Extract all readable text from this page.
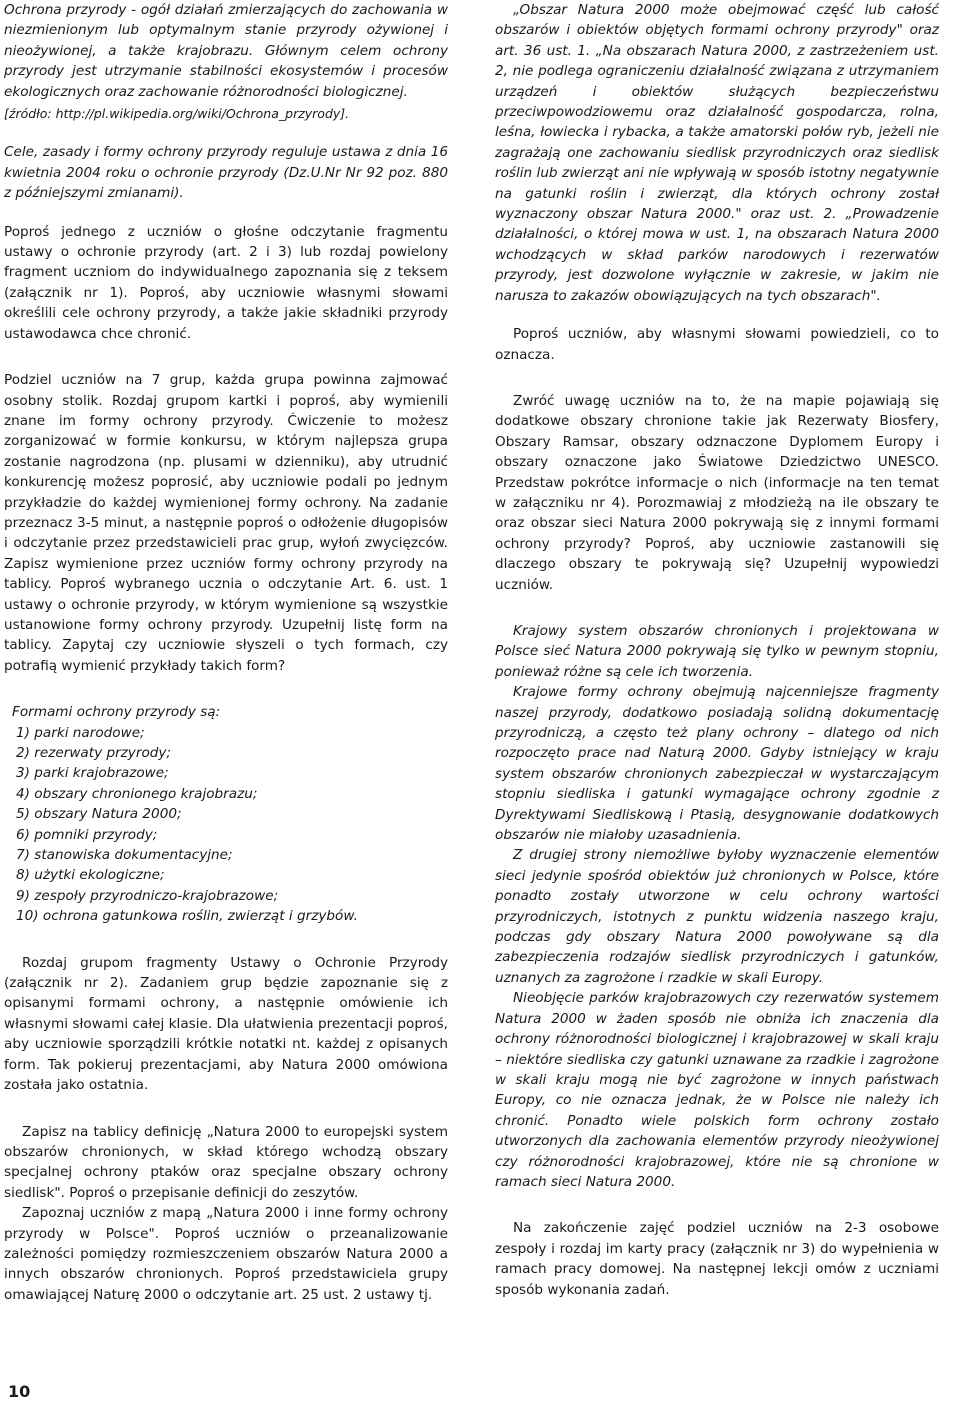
Ochrona przyrody - ogół działań zmierzających do zachowania w niezmienionym lub optymalnym stanie przyrody ożywionej i nieożywionej, a także krajobrazu. Głównym celem ochrony przyrody jest utrzymanie stabilności ekosystemów i procesów ekologicznych oraz zachowanie różnorodności biologicznej.

[źródło: http://pl.wikipedia.org/wiki/Ochrona_przyrody].

Cele, zasady i formy ochrony przyrody reguluje ustawa z dnia 16 kwietnia 2004 roku o ochronie przyrody (Dz.U.Nr Nr 92 poz. 880 z późniejszymi zmianami).

Poproś jednego z uczniów o głośne odczytanie fragmentu ustawy o ochronie przyrody (art. 2 i 3) lub rozdaj powielony fragment uczniom do indywidualnego zapoznania się z teksem (załącznik nr 1). Poproś, aby uczniowie własnymi słowami określili cele ochrony przyrody, a także jakie składniki przyrody ustawodawca chce chronić.

Podziel uczniów na 7 grup, każda grupa powinna zajmować osobny stolik. Rozdaj grupom kartki i poproś, aby wymienili znane im formy ochrony przyrody. Ćwiczenie to możesz zorganizować w formie konkursu, w którym najlepsza grupa zostanie nagrodzona (np. plusami w dzienniku), aby utrudnić konkurencję możesz poprosić, aby uczniowie podali po jednym przykładzie do każdej wymienionej formy ochrony. Na zadanie przeznacz 3-5 minut, a następnie poproś o odłożenie długopisów i odczytanie przez przedstawicieli prac grup, wyłoń zwycięzców. Zapisz wymienione przez uczniów formy ochrony przyrody na tablicy. Poproś wybranego ucznia o odczytanie Art. 6. ust. 1 ustawy o ochronie przyrody, w którym wymienione są wszystkie ustanowione formy ochrony przyrody. Uzupełnij listę form na tablicy. Zapytaj czy uczniowie słyszeli o tych formach, czy potrafią wymienić przykłady takich form?

Formami ochrony przyrody są:

1) parki narodowe;
2) rezerwaty przyrody;
3) parki krajobrazowe;
4) obszary chronionego krajobrazu;
5) obszary Natura 2000;
6) pomniki przyrody;
7) stanowiska dokumentacyjne;
8) użytki ekologiczne;
9) zespoły przyrodniczo-krajobrazowe;
10) ochrona gatunkowa roślin, zwierząt i grzybów.

Rozdaj grupom fragmenty Ustawy o Ochronie Przyrody (załącznik nr 2). Zadaniem grup będzie zapoznanie się z opisanymi formami ochrony, a następnie omówienie ich własnymi słowami całej klasie. Dla ułatwienia prezentacji poproś, aby uczniowie sporządzili krótkie notatki nt. każdej z opisanych form. Tak pokieruj prezentacjami, aby Natura 2000 omówiona została jako ostatnia.

Zapisz na tablicy definicję „Natura 2000 to europejski system obszarów chronionych, w skład którego wchodzą obszary specjalnej ochrony ptaków oraz specjalne obszary ochrony siedlisk". Poproś o przepisanie definicji do zeszytów.

Zapoznaj uczniów z mapą „Natura 2000 i inne formy ochrony przyrody w Polsce". Poproś uczniów o przeanalizowanie zależności pomiędzy rozmieszczeniem obszarów Natura 2000 a innych obszarów chronionych. Poproś przedstawiciela grupy omawiającej Naturę 2000 o odczytanie art. 25 ust. 2 ustawy tj.

„Obszar Natura 2000 może obejmować część lub całość obszarów i obiektów objętych formami ochrony przyrody" oraz art. 36 ust. 1. „Na obszarach Natura 2000, z zastrzeżeniem ust. 2, nie podlega ograniczeniu działalność związana z utrzymaniem urządzeń i obiektów służących bezpieczeństwu przeciwpowodziowemu oraz działalność gospodarcza, rolna, leśna, łowiecka i rybacka, a także amatorski połów ryb, jeżeli nie zagrażają one zachowaniu siedlisk przyrodniczych oraz siedlisk roślin lub zwierząt ani nie wpływają w sposób istotny negatywnie na gatunki roślin i zwierząt, dla których ochrony został wyznaczony obszar Natura 2000." oraz ust. 2. „Prowadzenie działalności, o której mowa w ust. 1, na obszarach Natura 2000 wchodzących w skład parków narodowych i rezerwatów przyrody, jest dozwolone wyłącznie w zakresie, w jakim nie narusza to zakazów obowiązujących na tych obszarach".

Poproś uczniów, aby własnymi słowami powiedzieli, co to oznacza.

Zwróć uwagę uczniów na to, że na mapie pojawiają się dodatkowe obszary chronione takie jak Rezerwaty Biosfery, Obszary Ramsar, obszary odznaczone Dyplomem Europy i obszary oznaczone jako Światowe Dziedzictwo UNESCO. Przedstaw pokrótce informacje o nich (informacje na ten temat w załączniku nr 4). Porozmawiaj z młodzieżą na ile obszary te oraz obszar sieci Natura 2000 pokrywają się z innymi formami ochrony przyrody? Poproś, aby uczniowie zastanowili się dlaczego obszary te pokrywają się? Uzupełnij wypowiedzi uczniów.

Krajowy system obszarów chronionych i projektowana w Polsce sieć Natura 2000 pokrywają się tylko w pewnym stopniu, ponieważ różne są cele ich tworzenia.

Krajowe formy ochrony obejmują najcenniejsze fragmenty naszej przyrody, dodatkowo posiadają solidną dokumentację przyrodniczą, a często też plany ochrony – dlatego od nich rozpoczęto prace nad Naturą 2000. Gdyby istniejący w kraju system obszarów chronionych zabezpieczał w wystarczającym stopniu siedliska i gatunki wymagające ochrony zgodnie z Dyrektywami Siedliskową i Ptasią, desygnowanie dodatkowych obszarów nie miałoby uzasadnienia.

Z drugiej strony niemożliwe byłoby wyznaczenie elementów sieci jedynie spośród obiektów już chronionych w Polsce, które ponadto zostały utworzone w celu ochrony wartości przyrodniczych, istotnych z punktu widzenia naszego kraju, podczas gdy obszary Natura 2000 powoływane są dla zabezpieczenia rodzajów siedlisk przyrodniczych i gatunków, uznanych za zagrożone i rzadkie w skali Europy.

Nieobjęcie parków krajobrazowych czy rezerwatów systemem Natura 2000 w żaden sposób nie obniża ich znaczenia dla ochrony różnorodności biologicznej i krajobrazowej w skali kraju – niektóre siedliska czy gatunki uznawane za rzadkie i zagrożone w skali kraju mogą nie być zagrożone w innych państwach Europy, co nie oznacza jednak, że w Polsce nie należy ich chronić. Ponadto wiele polskich form ochrony zostało utworzonych dla zachowania elementów przyrody nieożywionej czy różnorodności krajobrazowej, które nie są chronione w ramach sieci Natura 2000.

Na zakończenie zajęć podziel uczniów na 2-3 osobowe zespoły i rozdaj im karty pracy (załącznik nr 3) do wypełnienia w ramach pracy domowej. Na następnej lekcji omów z uczniami sposób wykonania zadań.

10
